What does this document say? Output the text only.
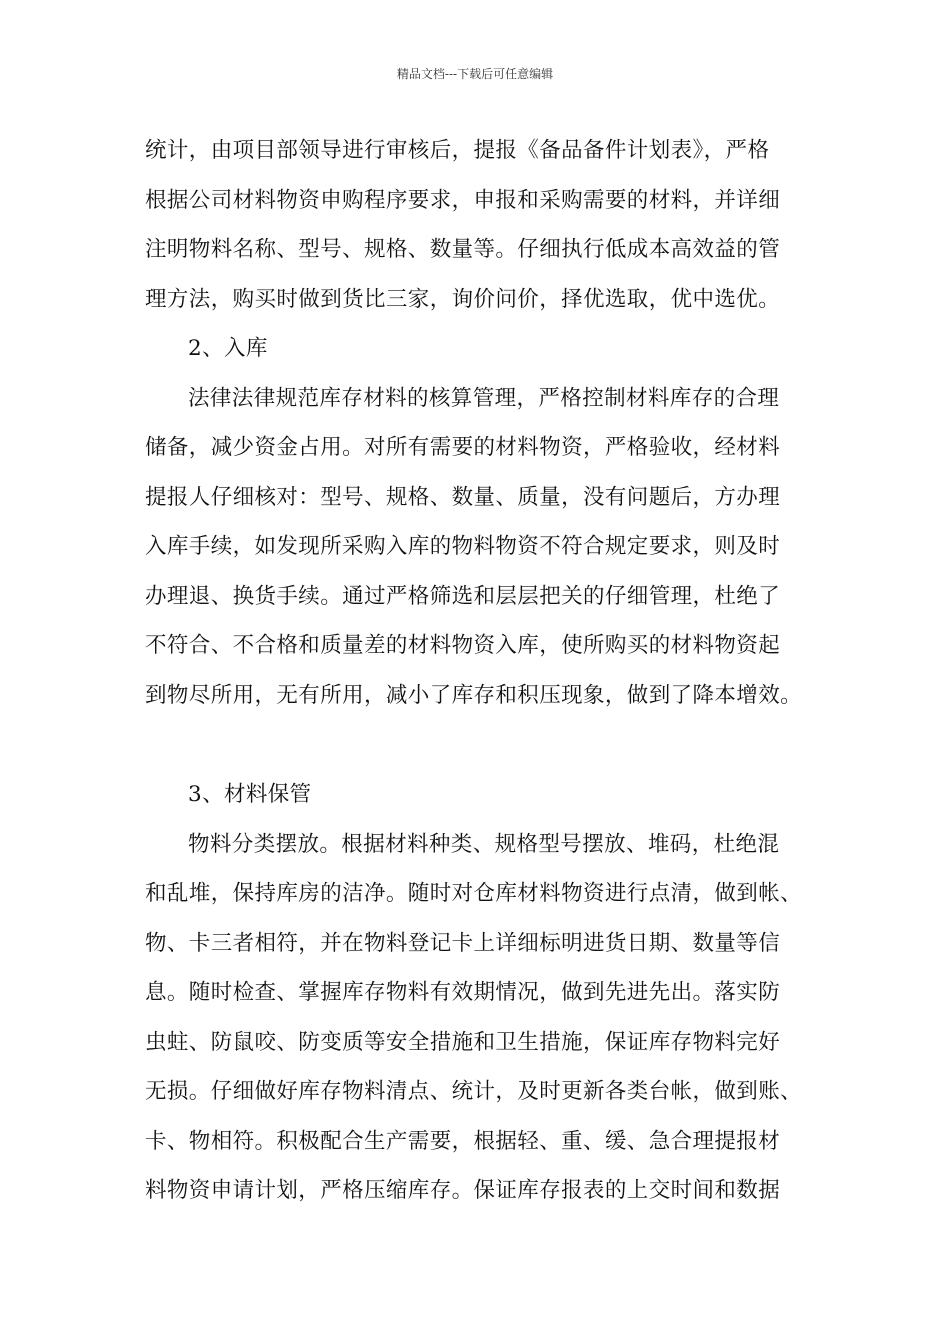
精品文档---下载后可任意编辑
统计，由项目部领导进行审核后，提报《备品备件计划表》，严格
根据公司材料物资申购程序要求，申报和采购需要的材料，并详细
注明物料名称、型号、规格、数量等。仔细执行低成本高效益的管
理方法，购买时做到货比三家，询价问价，择优选取，优中选优。
2、入库
法律法律规范库存材料的核算管理，严格控制材料库存的合理
储备，减少资金占用。对所有需要的材料物资，严格验收，经材料
提报人仔细核对：型号、规格、数量、质量，没有问题后，方办理
入库手续，如发现所采购入库的物料物资不符合规定要求，则及时
办理退、换货手续。通过严格筛选和层层把关的仔细管理，杜绝了
不符合、不合格和质量差的材料物资入库，使所购买的材料物资起
到物尽所用，无有所用，减小了库存和积压现象，做到了降本增效。
3、材料保管
物料分类摆放。根据材料种类、规格型号摆放、堆码，杜绝混
和乱堆，保持库房的洁净。随时对仓库材料物资进行点清，做到帐、
物、卡三者相符，并在物料登记卡上详细标明进货日期、数量等信
息。随时检查、掌握库存物料有效期情况，做到先进先出。落实防
虫蛀、防鼠咬、防变质等安全措施和卫生措施，保证库存物料完好
无损。仔细做好库存物料清点、统计，及时更新各类台帐，做到账、
卡、物相符。积极配合生产需要，根据轻、重、缓、急合理提报材
料物资申请计划，严格压缩库存。保证库存报表的上交时间和数据
